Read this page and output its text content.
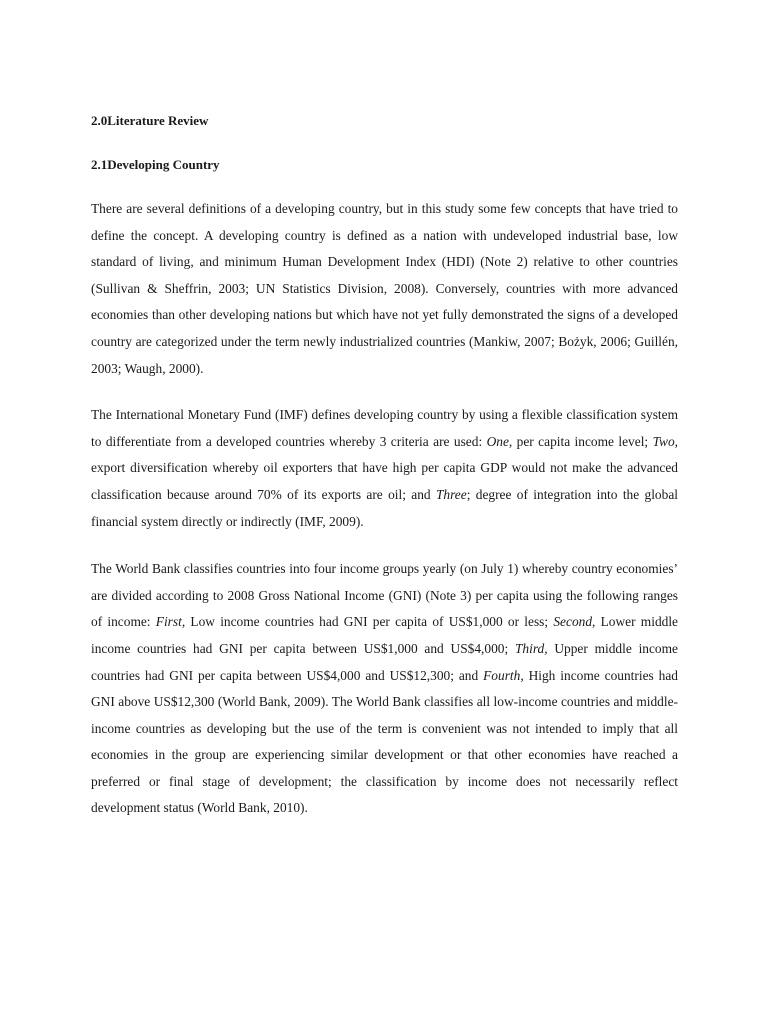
2.0Literature Review

2.1Developing Country

There are several definitions of a developing country, but in this study some few concepts that have tried to define the concept. A developing country is defined as a nation with undeveloped industrial base, low standard of living, and minimum Human Development Index (HDI) (Note 2) relative to other countries (Sullivan & Sheffrin, 2003; UN Statistics Division, 2008). Conversely, countries with more advanced economies than other developing nations but which have not yet fully demonstrated the signs of a developed country are categorized under the term newly industrialized countries (Mankiw, 2007; Bożyk, 2006; Guillén, 2003; Waugh, 2000).

The International Monetary Fund (IMF) defines developing country by using a flexible classification system to differentiate from a developed countries whereby 3 criteria are used: One, per capita income level; Two, export diversification whereby oil exporters that have high per capita GDP would not make the advanced classification because around 70% of its exports are oil; and Three; degree of integration into the global financial system directly or indirectly (IMF, 2009).

The World Bank classifies countries into four income groups yearly (on July 1) whereby country economies’ are divided according to 2008 Gross National Income (GNI) (Note 3) per capita using the following ranges of income: First, Low income countries had GNI per capita of US$1,000 or less; Second, Lower middle income countries had GNI per capita between US$1,000 and US$4,000; Third, Upper middle income countries had GNI per capita between US$4,000 and US$12,300; and Fourth, High income countries had GNI above US$12,300 (World Bank, 2009). The World Bank classifies all low-income countries and middle-income countries as developing but the use of the term is convenient was not intended to imply that all economies in the group are experiencing similar development or that other economies have reached a preferred or final stage of development; the classification by income does not necessarily reflect development status (World Bank, 2010).
